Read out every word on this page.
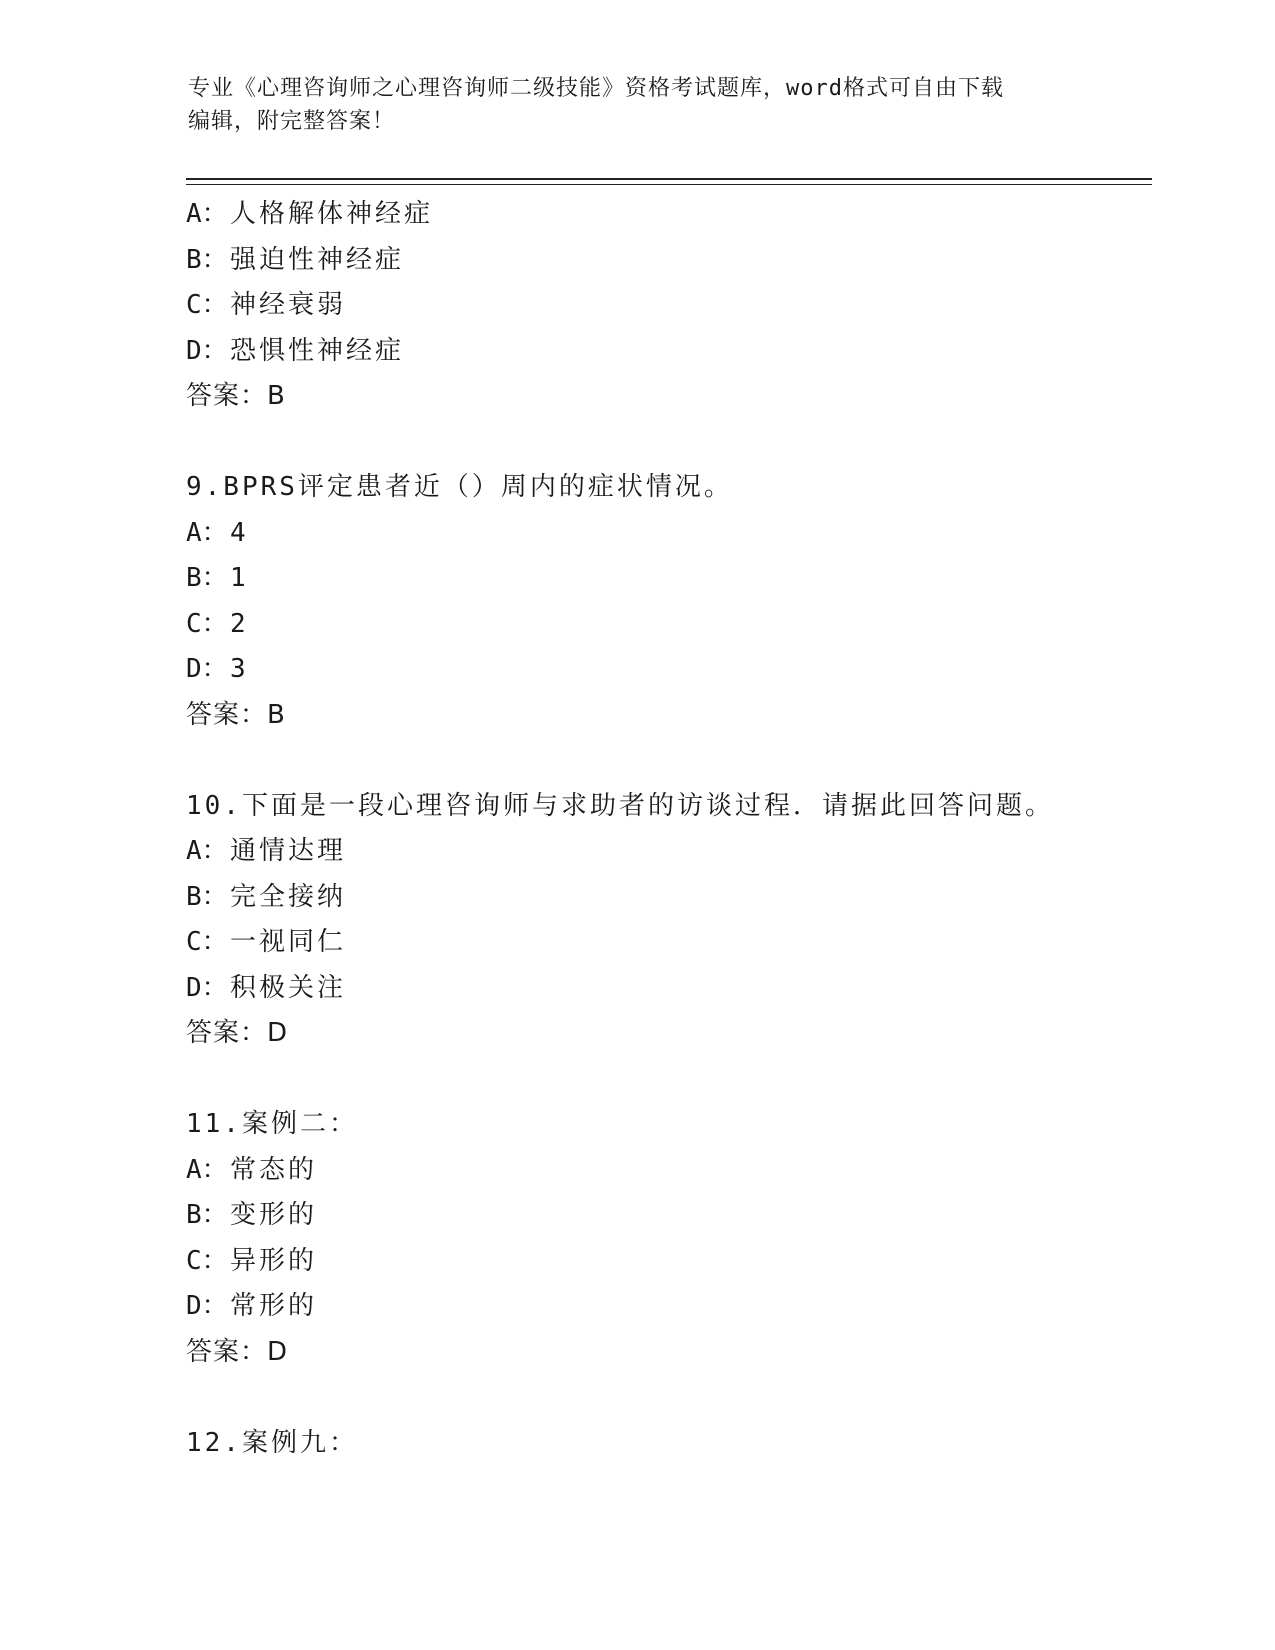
专业《心理咨询师之心理咨询师二级技能》资格考试题库，word格式可自由下载
编辑，附完整答案！
A：人格解体神经症
B：强迫性神经症
C：神经衰弱
D：恐惧性神经症
答案：B
9.BPRS评定患者近（）周内的症状情况。
A：4
B：1
C：2
D：3
答案：B
10.下面是一段心理咨询师与求助者的访谈过程．请据此回答问题。
A：通情达理
B：完全接纳
C：一视同仁
D：积极关注
答案：D
11.案例二：
A：常态的
B：变形的
C：异形的
D：常形的
答案：D
12.案例九：
